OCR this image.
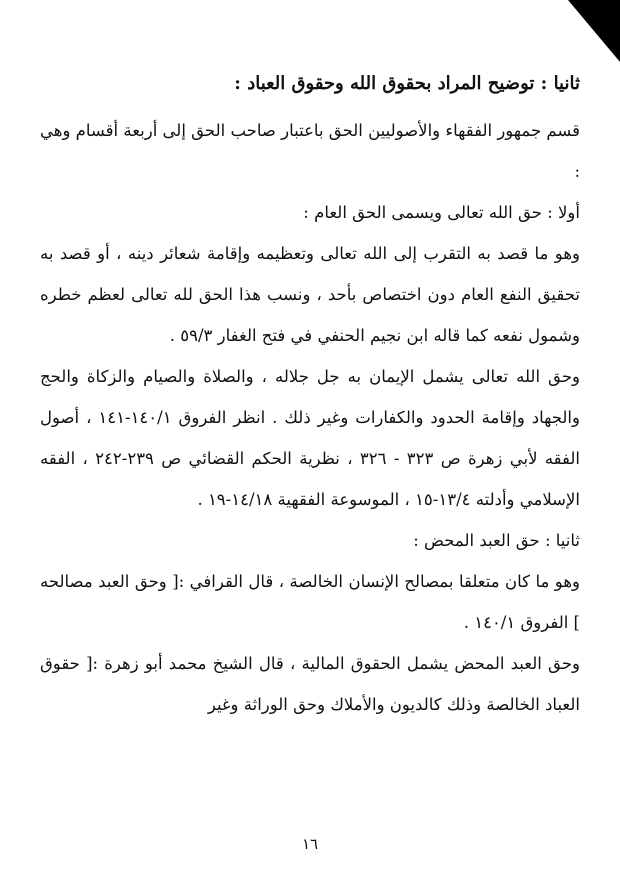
ثانيا : توضيح المراد بحقوق الله وحقوق العباد :

قسم جمهور الفقهاء والأصوليين الحق باعتبار صاحب الحق إلى أربعة أقسام وهي :

أولا : حق الله تعالى ويسمى الحق العام :

وهو ما قصد به التقرب إلى الله تعالى وتعظيمه وإقامة شعائر دينه ، أو قصد به تحقيق النفع العام دون اختصاص بأحد ، ونسب هذا الحق لله تعالى لعظم خطره وشمول نفعه كما قاله ابن نجيم الحنفي في فتح الغفار ٥٩/٣ .

وحق الله تعالى يشمل الإيمان به جل جلاله ، والصلاة والصيام والزكاة والحج والجهاد وإقامة الحدود والكفارات وغير ذلك . انظر الفروق ١٤٠/١-١٤١ ، أصول الفقه لأبي زهرة ص ٣٢٣ - ٣٢٦ ، نظرية الحكم القضائي ص ٢٣٩-٢٤٢ ، الفقه الإسلامي وأدلته ١٣/٤-١٥ ، الموسوعة الفقهية ١٤/١٨-١٩ .

ثانيا : حق العبد المحض :

وهو ما كان متعلقا بمصالح الإنسان الخالصة ، قال القرافي :[ وحق العبد مصالحه ] الفروق ١٤٠/١ .

وحق العبد المحض يشمل الحقوق المالية ، قال الشيخ محمد أبو زهرة :[ حقوق العباد الخالصة وذلك كالديون والأملاك وحق الوراثة وغير

١٦
